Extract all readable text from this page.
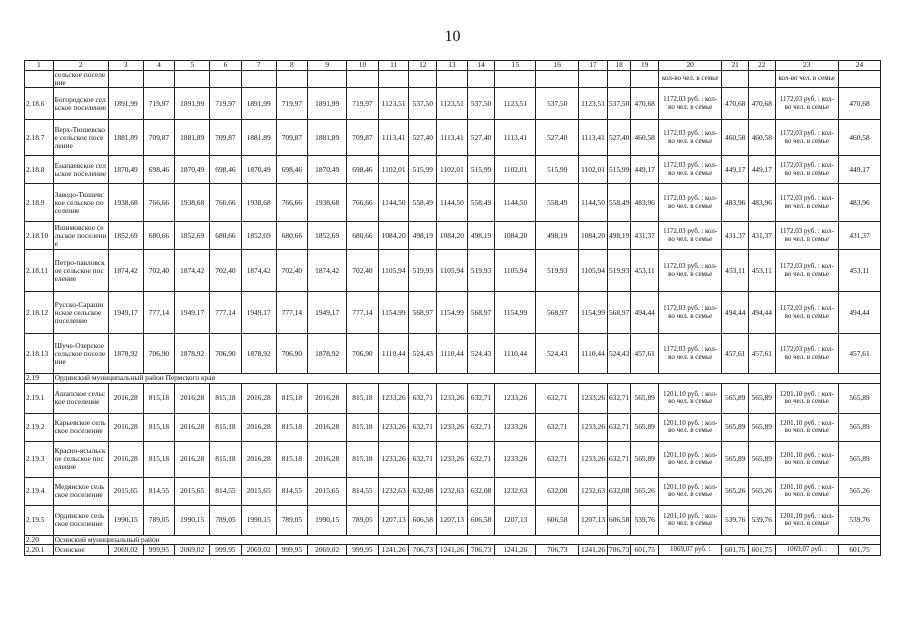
10
1	2	3	4	5	6	7	8	9	10	11	12	13	14	15	16	17	18	19	20	21	22	23	24
	сельское поселение																		кол-во чел. в семье			кол-во чел. в семье	
2.18.6	Богородское сельское поселение	1891,99	719,97	1891,99	719,97	1891,99	719,97	1891,99	719,97	1123,51	537,50	1123,51	537,50	1123,51	537,50	1123,51	537,50	470,68	1172,03 руб. : кол-во чел. в семье	470,68	470,68	1172,03 руб. : кол-во чел. в семье	470,68
2.18.7	Верх-Тюшевское сельское поселение	1881,89	709,87	1881,89	709,87	1881,89	709,87	1881,89	709,87	1113,41	527,40	1113,41	527,40	1113,41	527,40	1113,41	527,40	460,58	1172,03 руб. : кол-во чел. в семье	460,58	460,58	1172,03 руб. : кол-во чел. в семье	460,58
2.18.8	Енапаевское сельское поселение	1870,49	698,46	1870,49	698,46	1870,49	698,46	1870,49	698,46	1102,01	515,99	1102,01	515,99	1102,01	515,99	1102,01	515,99	449,17	1172,03 руб. : кол-во чел. в семье	449,17	449,17	1172,03 руб. : кол-во чел. в семье	449,17
2.18.9	Заводо-Тюшевское сельское поселение	1938,68	766,66	1938,68	766,66	1938,68	766,66	1938,68	766,66	1144,50	558,49	1144,50	558,49	1144,50	558,49	1144,50	558,49	483,96	1172,03 руб. : кол-во чел. в семье	483,96	483,96	1172,03 руб. : кол-во чел. в семье	483,96
2.18.10	Ишимовское сельское поселение	1852,69	680,66	1852,69	680,66	1852,69	680,66	1852,69	680,66	1084,20	498,19	1084,20	498,19	1084,20	498,19	1084,20	498,19	431,37	1172,03 руб. : кол-во чел. в семье	431,37	431,37	1172,03 руб. : кол-во чел. в семье	431,37
2.18.11	Петро-павловское сельское поселение	1874,42	702,40	1874,42	702,40	1874,42	702,40	1874,42	702,40	1105,94	519,93	1105,94	519,93	1105,94	519,93	1105,94	519,93	453,11	1172,03 руб. : кол-во чел. в семье	453,11	453,11	1172,03 руб. : кол-во чел. в семье	453,11
2.18.12	Русско-Сарашинское сельское поселение	1949,17	777,14	1949,17	777,14	1949,17	777,14	1949,17	777,14	1154,99	568,97	1154,99	568,97	1154,99	568,97	1154,99	568,97	494,44	1172,03 руб. : кол-во чел. в семье	494,44	494,44	1172,03 руб. : кол-во чел. в семье	494,44
2.18.13	Шуче-Озерское сельское поселение	1878,92	706,90	1878,92	706,90	1878,92	706,90	1878,92	706,90	1110,44	524,43	1110,44	524,43	1110,44	524,43	1110,44	524,43	457,61	1172,03 руб. : кол-во чел. в семье	457,61	457,61	1172,03 руб. : кол-во чел. в семье	457,61
2.19	Ординский муниципальный район Пермского края																						
2.19.1	Ашапское сельское поселение	2016,28	815,18	2016,28	815,18	2016,28	815,18	2016,28	815,18	1233,26	632,71	1233,26	632,71	1233,26	632,71	1233,26	632,71	565,89	1201,10 руб. : кол-во чел. в семье	565,89	565,89	1201,10 руб. : кол-во чел. в семье	565,89
2.19.2	Карьевское сельское поселение	2016,28	815,18	2016,28	815,18	2016,28	815,18	2016,28	815,18	1233,26	632,71	1233,26	632,71	1233,26	632,71	1233,26	632,71	565,89	1201,10 руб. : кол-во чел. в семье	565,89	565,89	1201,10 руб. : кол-во чел. в семье	565,89
2.19.3	Красно-ясыльское сельское поселение	2016,28	815,18	2016,28	815,18	2016,28	815,18	2016,28	815,18	1233,26	632,71	1233,26	632,71	1233,26	632,71	1233,26	632,71	565,89	1201,10 руб. : кол-во чел. в семье	565,89	565,89	1201,10 руб. : кол-во чел. в семье	565,89
2.19.4	Медянское сельское поселение	2015,65	814,55	2015,65	814,55	2015,65	814,55	2015,65	814,55	1232,63	632,08	1232,63	632,08	1232,63	632,08	1232,63	632,08	565,26	1201,10 руб. : кол-во чел. в семье	565,26	565,26	1201,10 руб. : кол-во чел. в семье	565,26
2.19.5	Ординское сельское поселение	1990,15	789,05	1990,15	789,05	1990,15	789,05	1990,15	789,05	1207,13	606,58	1207,13	606,58	1207,13	606,58	1207,13	606,58	539,76	1201,10 руб. : кол-во чел. в семье	539,76	539,76	1201,10 руб. : кол-во чел. в семье	539,76
2.20	Осинский муниципальный район																						
2.20.1	Осинское	2069,02	999,95	2069,02	999,95	2069,02	999,95	2069,02	999,95	1241,26	706,73	1241,26	706,73	1241,26	706,73	1241,26	706,73	601,75	1069,07 руб. :	601,75	601,75	1069,07 руб. :	601,75
